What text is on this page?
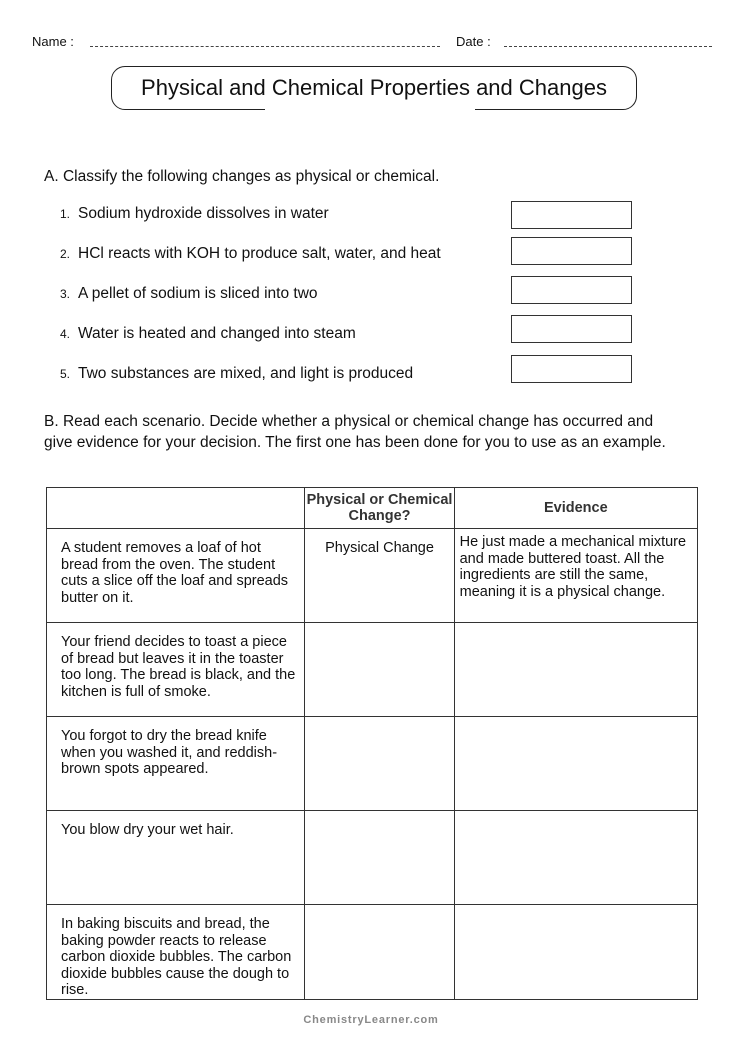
Name :	Date :
Physical and Chemical Properties and Changes
A. Classify the following changes as physical or chemical.
1. Sodium hydroxide dissolves in water
2. HCl reacts with KOH to produce salt, water, and heat
3. A pellet of sodium is sliced into two
4. Water is heated and changed into steam
5. Two substances are mixed, and light is produced
B. Read each scenario. Decide whether a physical or chemical change has occurred and give evidence for your decision. The first one has been done for you to use as an example.
	Physical or Chemical Change?	Evidence

A student removes a loaf of hot bread from the oven. The student cuts a slice off the loaf and spreads butter on it.	Physical Change	He just made a mechanical mixture and made buttered toast. All the ingredients are still the same, meaning it is a physical change.

Your friend decides to toast a piece of bread but leaves it in the toaster too long. The bread is black, and the kitchen is full of smoke.		

You forgot to dry the bread knife when you washed it, and reddish-brown spots appeared.		

You blow dry your wet hair.		

In baking biscuits and bread, the baking powder reacts to release carbon dioxide bubbles. The carbon dioxide bubbles cause the dough to rise.		

ChemistryLearner.com
